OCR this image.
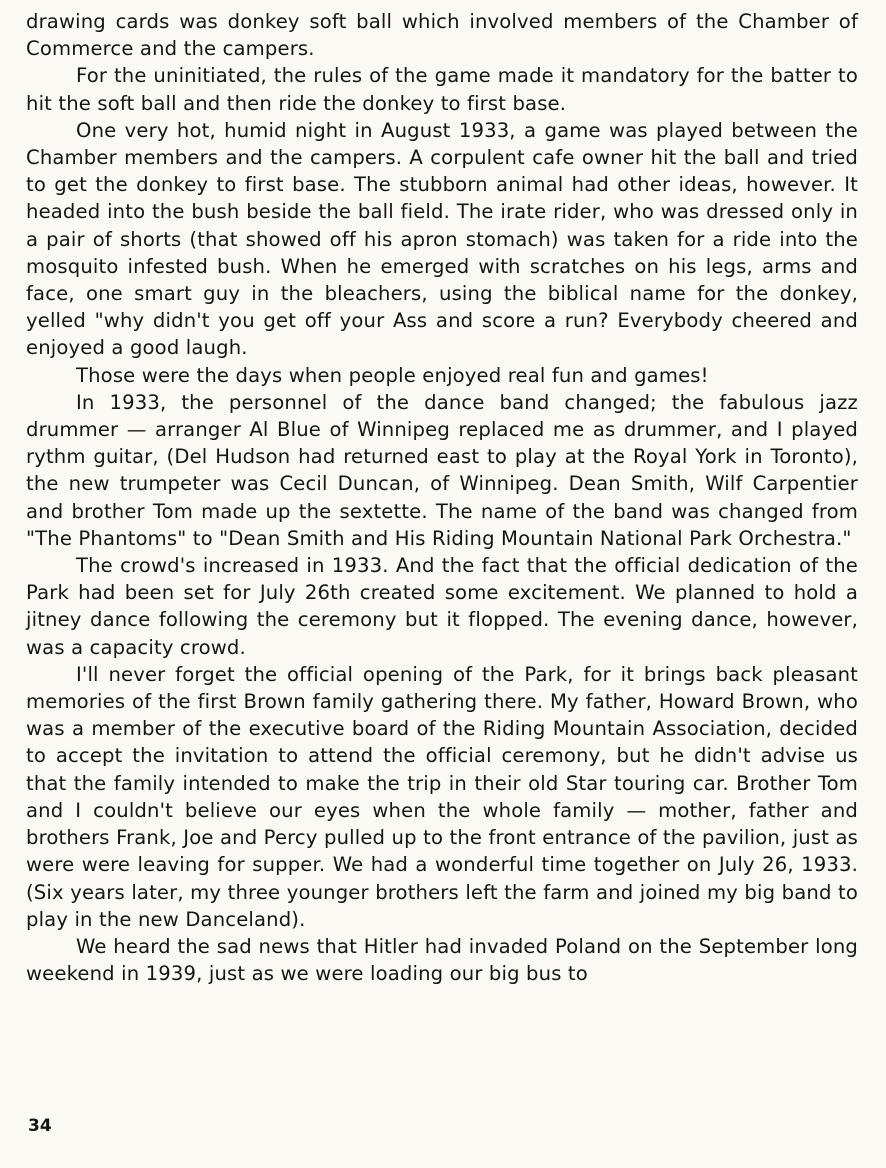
drawing cards was donkey soft ball which involved members of the Chamber of Commerce and the campers.

For the uninitiated, the rules of the game made it mandatory for the batter to hit the soft ball and then ride the donkey to first base.

One very hot, humid night in August 1933, a game was played between the Chamber members and the campers. A corpulent cafe owner hit the ball and tried to get the donkey to first base. The stubborn animal had other ideas, however. It headed into the bush beside the ball field. The irate rider, who was dressed only in a pair of shorts (that showed off his apron stomach) was taken for a ride into the mosquito infested bush. When he emerged with scratches on his legs, arms and face, one smart guy in the bleachers, using the biblical name for the donkey, yelled "why didn't you get off your Ass and score a run? Everybody cheered and enjoyed a good laugh.

Those were the days when people enjoyed real fun and games!

In 1933, the personnel of the dance band changed; the fabulous jazz drummer — arranger Al Blue of Winnipeg replaced me as drummer, and I played rythm guitar, (Del Hudson had returned east to play at the Royal York in Toronto), the new trumpeter was Cecil Duncan, of Winnipeg. Dean Smith, Wilf Carpentier and brother Tom made up the sextette. The name of the band was changed from "The Phantoms" to "Dean Smith and His Riding Mountain National Park Orchestra."

The crowd's increased in 1933. And the fact that the official dedication of the Park had been set for July 26th created some excitement. We planned to hold a jitney dance following the ceremony but it flopped. The evening dance, however, was a capacity crowd.

I'll never forget the official opening of the Park, for it brings back pleasant memories of the first Brown family gathering there. My father, Howard Brown, who was a member of the executive board of the Riding Mountain Association, decided to accept the invitation to attend the official ceremony, but he didn't advise us that the family intended to make the trip in their old Star touring car. Brother Tom and I couldn't believe our eyes when the whole family — mother, father and brothers Frank, Joe and Percy pulled up to the front entrance of the pavilion, just as were were leaving for supper. We had a wonderful time together on July 26, 1933. (Six years later, my three younger brothers left the farm and joined my big band to play in the new Danceland).

We heard the sad news that Hitler had invaded Poland on the September long weekend in 1939, just as we were loading our big bus to

34
